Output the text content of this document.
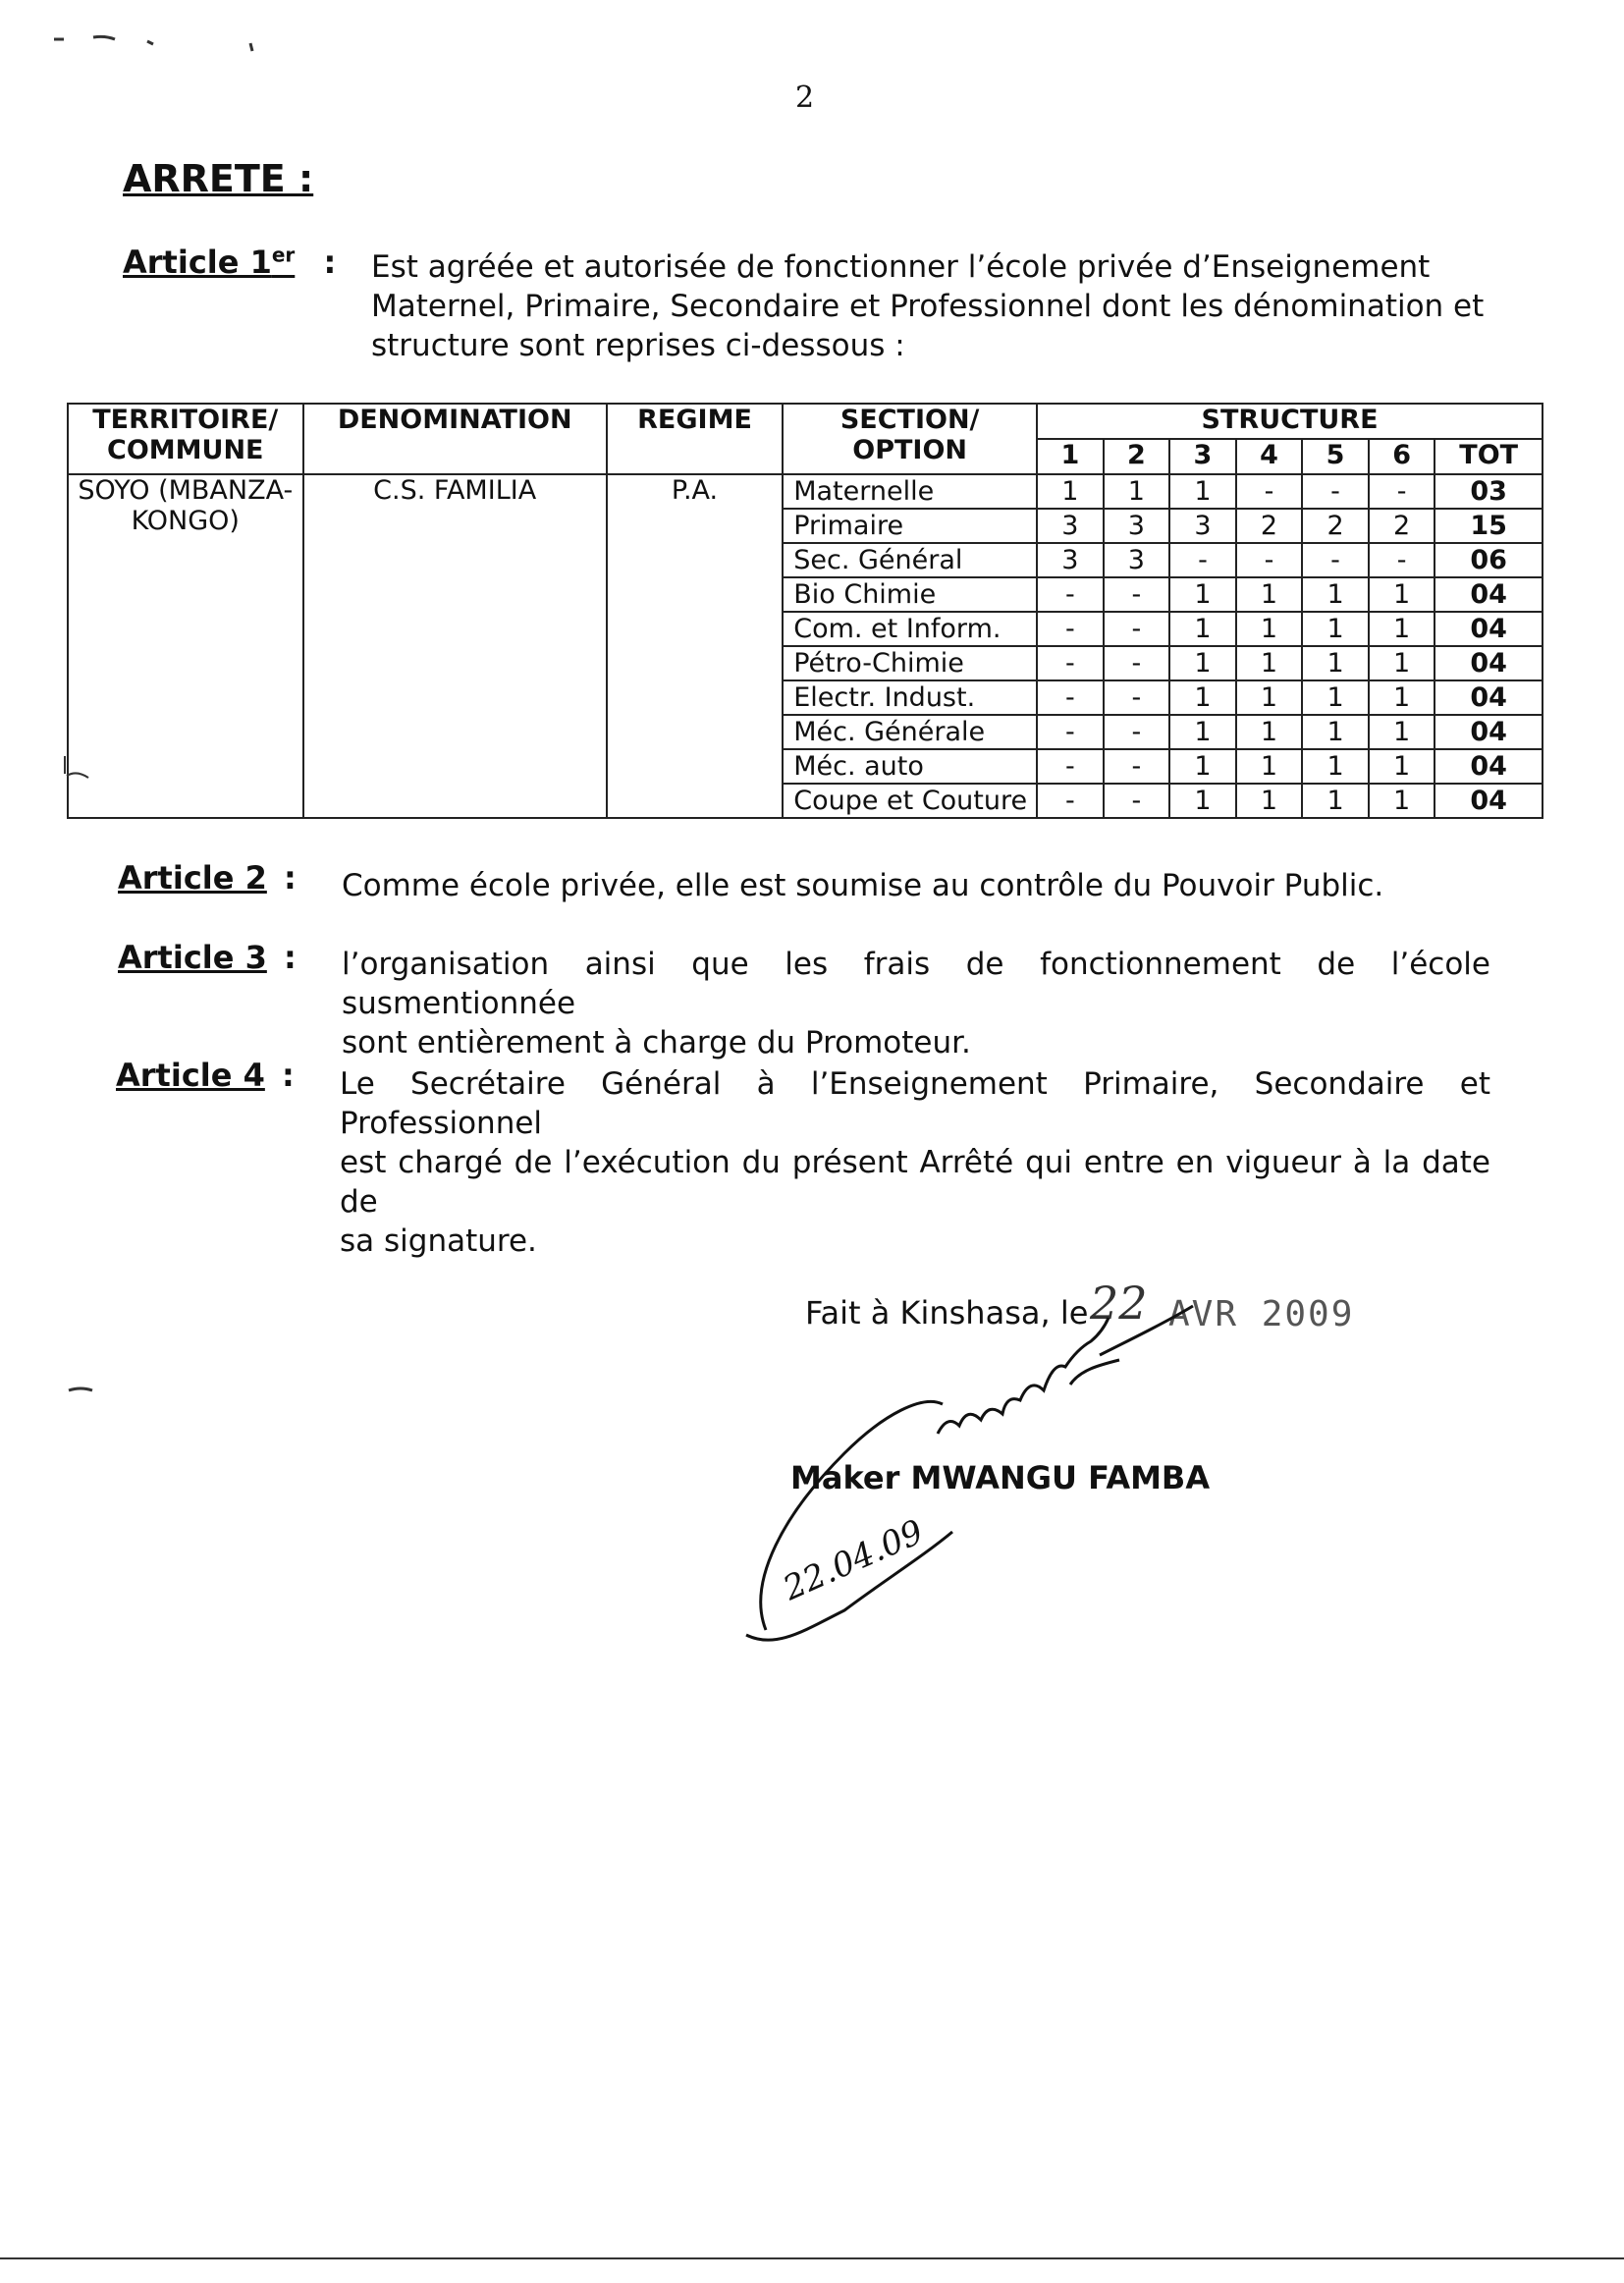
2
ARRETE :
Article 1er : Est agréée et autorisée de fonctionner l’école privée d’Enseignement
Maternel, Primaire, Secondaire et Professionnel dont les dénomination et
structure sont reprises ci-dessous :
TERRITOIRE/ COMMUNE	DENOMINATION	REGIME	SECTION/ OPTION	STRUCTURE						
				1	2	3	4	5	6	TOT
SOYO (MBANZA-KONGO)	C.S. FAMILIA	P.A.	Maternelle	1	1	1	-	-	-	03
			Primaire	3	3	3	2	2	2	15
			Sec. Général	3	3	-	-	-	-	06
			Bio Chimie	-	-	1	1	1	1	04
			Com. et Inform.	-	-	1	1	1	1	04
			Pétro-Chimie	-	-	1	1	1	1	04
			Electr. Indust.	-	-	1	1	1	1	04
			Méc. Générale	-	-	1	1	1	1	04
			Méc. auto	-	-	1	1	1	1	04
			Coupe et Couture	-	-	1	1	1	1	04
Article 2 : Comme école privée, elle est soumise au contrôle du Pouvoir Public.
Article 3 : l’organisation ainsi que les frais de fonctionnement de l’école susmentionnée
sont entièrement à charge du Promoteur.
Article 4 : Le Secrétaire Général à l’Enseignement Primaire, Secondaire et Professionnel
est chargé de l’exécution du présent Arrêté qui entre en vigueur à la date de
sa signature.
Fait à Kinshasa, le 22 AVR 2009
Maker MWANGU FAMBA
22.04.09
